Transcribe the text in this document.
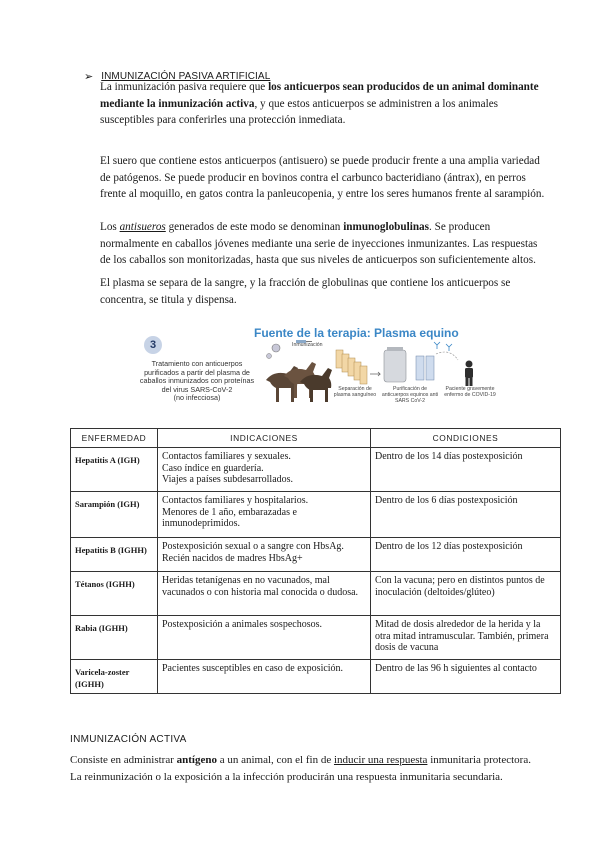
➢ INMUNIZACIÓN PASIVA ARTIFICIAL

La inmunización pasiva requiere que los anticuerpos sean producidos de un animal dominante mediante la inmunización activa, y que estos anticuerpos se administren a los animales susceptibles para conferirles una protección inmediata.

El suero que contiene estos anticuerpos (antisuero) se puede producir frente a una amplia variedad de patógenos. Se puede producir en bovinos contra el carbunco bacteridiano (ántrax), en perros frente al moquillo, en gatos contra la panleucopenia, y entre los seres humanos frente al sarampión.

Los antisueros generados de este modo se denominan inmunoglobulinas. Se producen normalmente en caballos jóvenes mediante una serie de inyecciones inmunizantes. Las respuestas de los caballos son monitorizadas, hasta que sus niveles de anticuerpos son suficientemente altos.

El plasma se separa de la sangre, y la fracción de globulinas que contiene los anticuerpos se concentra, se titula y dispensa.

3
Fuente de la terapia: Plasma equino
Tratamiento con anticuerpos purificados a partir del plasma de caballos inmunizados con proteínas del virus SARS-CoV-2
(no infecciosa)
Inmunización
Separación de plasma sanguíneo
Purificación de anticuerpos equinos anti SARS CoV-2
Paciente gravemente enfermo de COVID-19
ENFERMEDAD	INDICACIONES	CONDICIONES
Hepatitis A (IGH)	Contactos familiares y sexuales.
Caso índice en guardería.
Viajes a países subdesarrollados.	Dentro de los 14 días postexposición
Sarampión (IGH)	Contactos familiares y hospitalarios.
Menores de 1 año, embarazadas e inmunodeprimidos.	Dentro de los 6 días postexposición
Hepatitis B (IGHH)	Postexposición sexual o a sangre con HbsAg.
Recién nacidos de madres HbsAg+	Dentro de los 12 días postexposición
Tétanos (IGHH)	Heridas tetanígenas en no vacunados, mal vacunados o con historia mal conocida o dudosa.	Con la vacuna; pero en distintos puntos de inoculación (deltoides/glúteo)
Rabia (IGHH)	Postexposición a animales sospechosos.	Mitad de dosis alrededor de la herida y la otra mitad intramuscular. También, primera dosis de vacuna
Varicela-zoster (IGHH)	Pacientes susceptibles en caso de exposición.	Dentro de las 96 h siguientes al contacto
INMUNIZACIÓN ACTIVA

Consiste en administrar antígeno a un animal, con el fin de inducir una respuesta inmunitaria protectora.

La reinmunización o la exposición a la infección producirán una respuesta inmunitaria secundaria.
